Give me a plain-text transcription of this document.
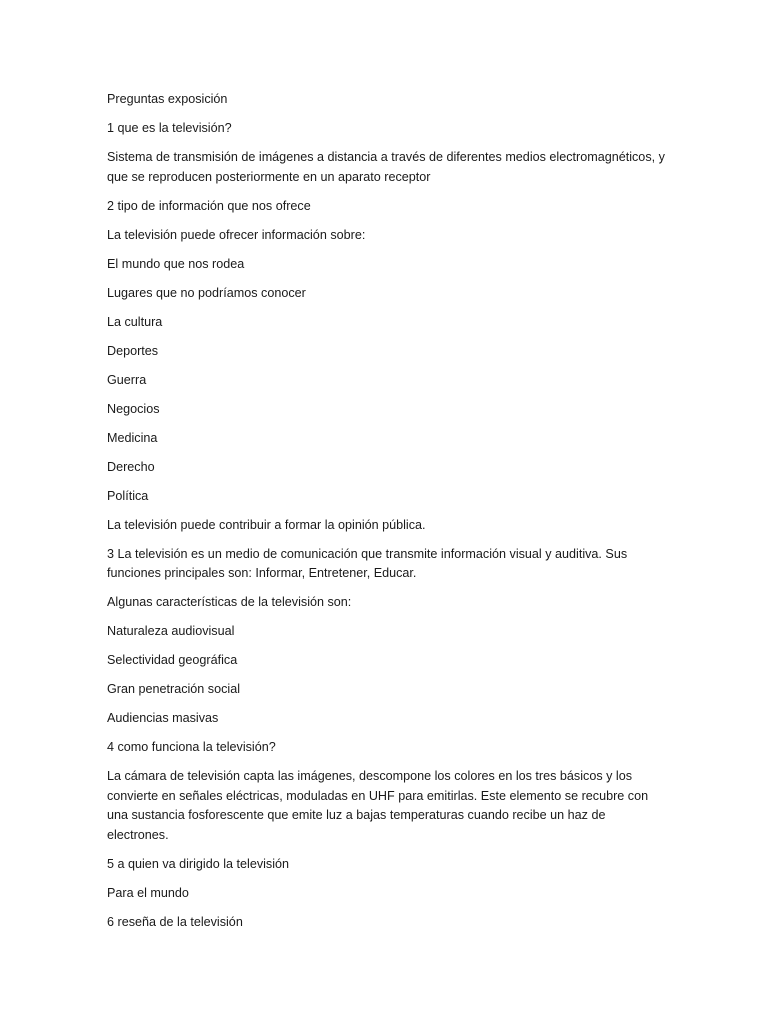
Preguntas exposición

1 que es la televisión?

Sistema de transmisión de imágenes a distancia a través de diferentes medios electromagnéticos, y que se reproducen posteriormente en un aparato receptor

2 tipo de información que nos ofrece

La televisión puede ofrecer información sobre:

El mundo que nos rodea

Lugares que no podríamos conocer

La cultura

Deportes

Guerra

Negocios

Medicina

Derecho

Política

La televisión puede contribuir a formar la opinión pública.

3 La televisión es un medio de comunicación que transmite información visual y auditiva. Sus funciones principales son: Informar, Entretener, Educar.

Algunas características de la televisión son:

Naturaleza audiovisual

Selectividad geográfica

Gran penetración social

Audiencias masivas

4 como funciona la televisión?

La cámara de televisión capta las imágenes, descompone los colores en los tres básicos y los convierte en señales eléctricas, moduladas en UHF para emitirlas. Este elemento se recubre con una sustancia fosforescente que emite luz a bajas temperaturas cuando recibe un haz de electrones.

5 a quien va dirigido la televisión

Para el mundo

6 reseña de la televisión
